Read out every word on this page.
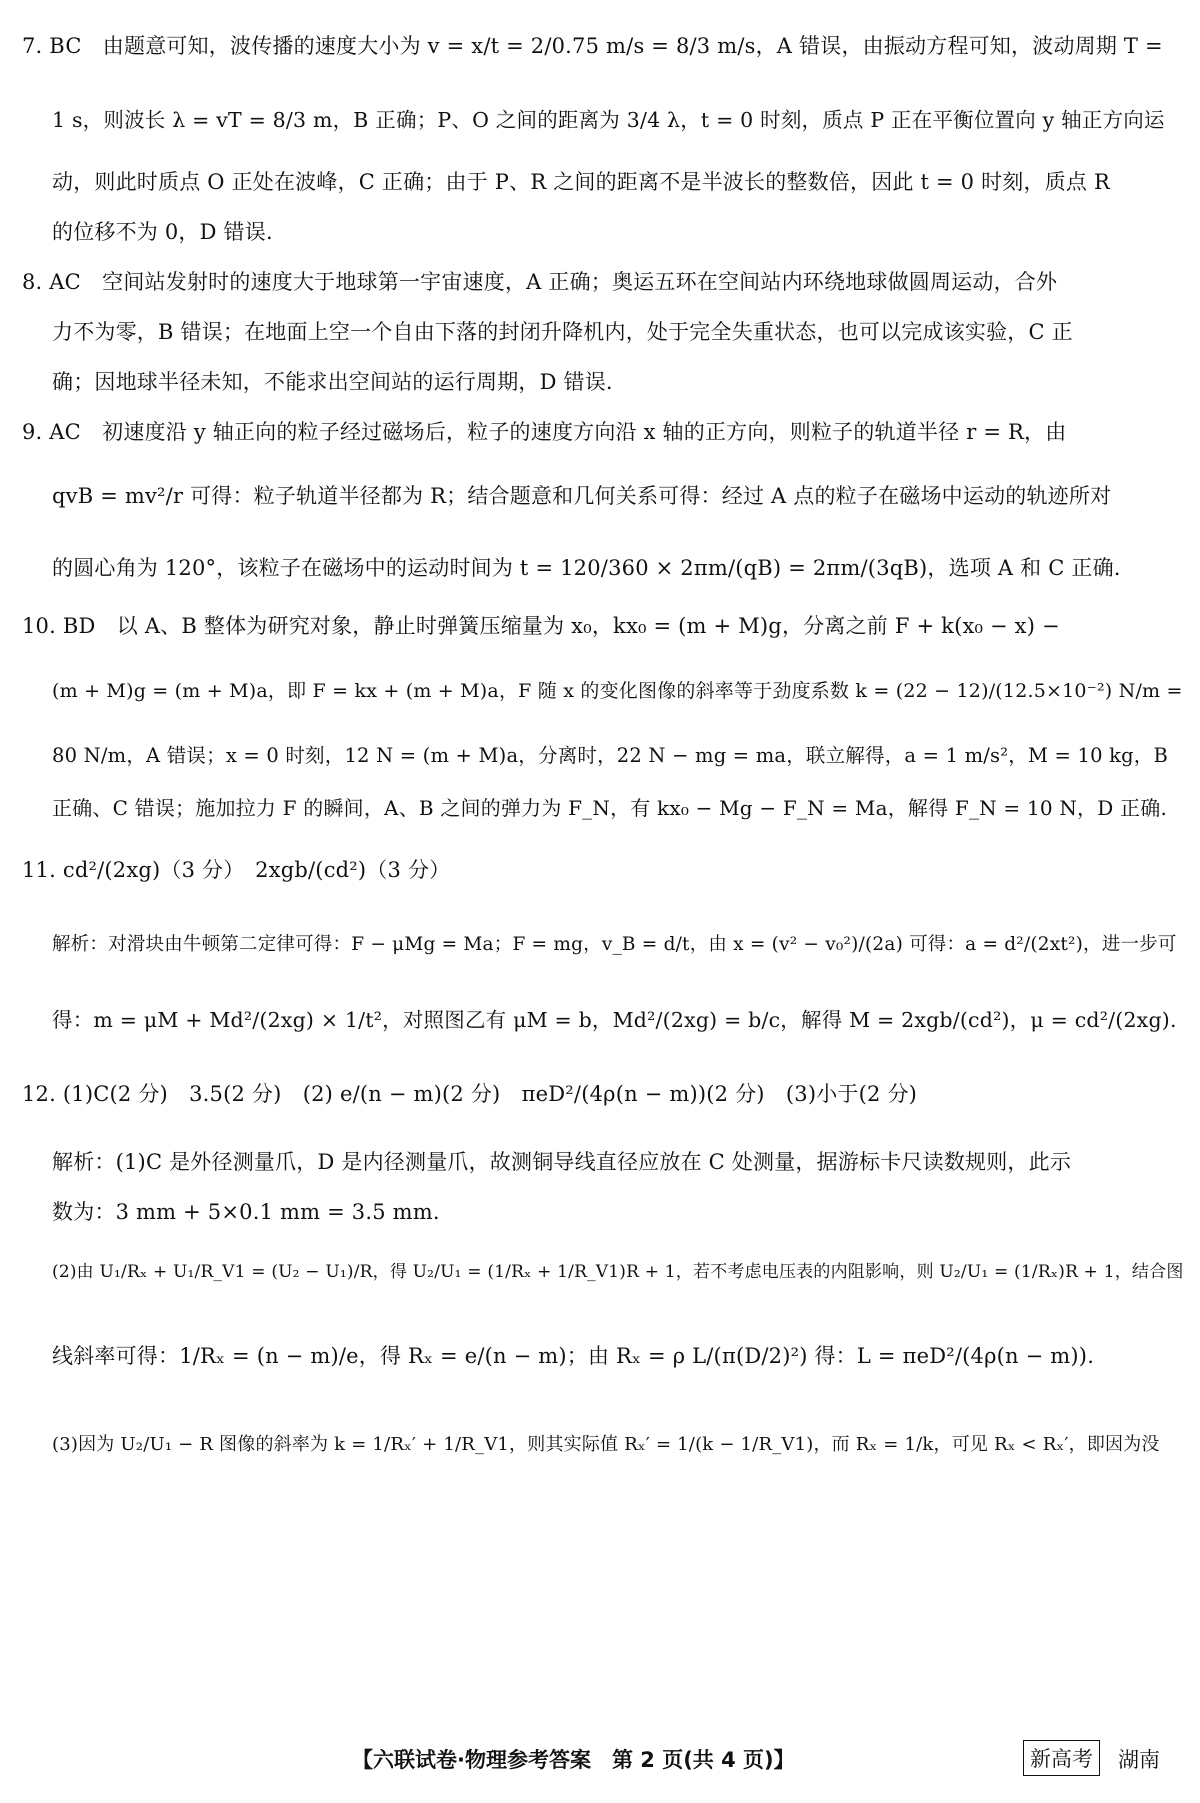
7. BC　由题意可知，波传播的速度大小为 v = x/t = 2/0.75 m/s = 8/3 m/s，A 错误，由振动方程可知，波动周期 T =
1 s，则波长 λ = vT = 8/3 m，B 正确；P、O 之间的距离为 3/4 λ，t = 0 时刻，质点 P 正在平衡位置向 y 轴正方向运
动，则此时质点 O 正处在波峰，C 正确；由于 P、R 之间的距离不是半波长的整数倍，因此 t = 0 时刻，质点 R
的位移不为 0，D 错误.
8. AC　空间站发射时的速度大于地球第一宇宙速度，A 正确；奥运五环在空间站内环绕地球做圆周运动，合外
力不为零，B 错误；在地面上空一个自由下落的封闭升降机内，处于完全失重状态，也可以完成该实验，C 正
确；因地球半径未知，不能求出空间站的运行周期，D 错误.
9. AC　初速度沿 y 轴正向的粒子经过磁场后，粒子的速度方向沿 x 轴的正方向，则粒子的轨道半径 r = R，由
qvB = mv²/r 可得：粒子轨道半径都为 R；结合题意和几何关系可得：经过 A 点的粒子在磁场中运动的轨迹所对
的圆心角为 120°，该粒子在磁场中的运动时间为 t = 120/360 × 2πm/(qB) = 2πm/(3qB)，选项 A 和 C 正确.
10. BD　以 A、B 整体为研究对象，静止时弹簧压缩量为 x₀，kx₀ = (m + M)g，分离之前 F + k(x₀ − x) −
(m + M)g = (m + M)a，即 F = kx + (m + M)a，F 随 x 的变化图像的斜率等于劲度系数 k = (22 − 12)/(12.5×10⁻²) N/m =
80 N/m，A 错误；x = 0 时刻，12 N = (m + M)a，分离时，22 N − mg = ma，联立解得，a = 1 m/s²，M = 10 kg，B
正确、C 错误；施加拉力 F 的瞬间，A、B 之间的弹力为 F_N，有 kx₀ − Mg − F_N = Ma，解得 F_N = 10 N，D 正确.
11. cd²/(2xg)（3 分）　2xgb/(cd²)（3 分）
解析：对滑块由牛顿第二定律可得：F − μMg = Ma；F = mg，v_B = d/t，由 x = (v² − v₀²)/(2a) 可得：a = d²/(2xt²)，进一步可
得：m = μM + Md²/(2xg) × 1/t²，对照图乙有 μM = b，Md²/(2xg) = b/c，解得 M = 2xgb/(cd²)，μ = cd²/(2xg).
12. (1)C(2 分)　3.5(2 分)　(2) e/(n − m)(2 分)　πeD²/(4ρ(n − m))(2 分)　(3)小于(2 分)
解析：(1)C 是外径测量爪，D 是内径测量爪，故测铜导线直径应放在 C 处测量，据游标卡尺读数规则，此示
数为：3 mm + 5×0.1 mm = 3.5 mm.
(2)由 U₁/Rₓ + U₁/R_V1 = (U₂ − U₁)/R，得 U₂/U₁ = (1/Rₓ + 1/R_V1)R + 1，若不考虑电压表的内阻影响，则 U₂/U₁ = (1/Rₓ)R + 1，结合图
线斜率可得：1/Rₓ = (n − m)/e，得 Rₓ = e/(n − m)；由 Rₓ = ρ L/(π(D/2)²) 得：L = πeD²/(4ρ(n − m)).
(3)因为 U₂/U₁ − R 图像的斜率为 k = 1/Rₓ′ + 1/R_V1，则其实际值 Rₓ′ = 1/(k − 1/R_V1)，而 Rₓ = 1/k，可见 Rₓ < Rₓ′，即因为没
【六联试卷·物理参考答案　第 2 页(共 4 页)】	新高考	湖南
